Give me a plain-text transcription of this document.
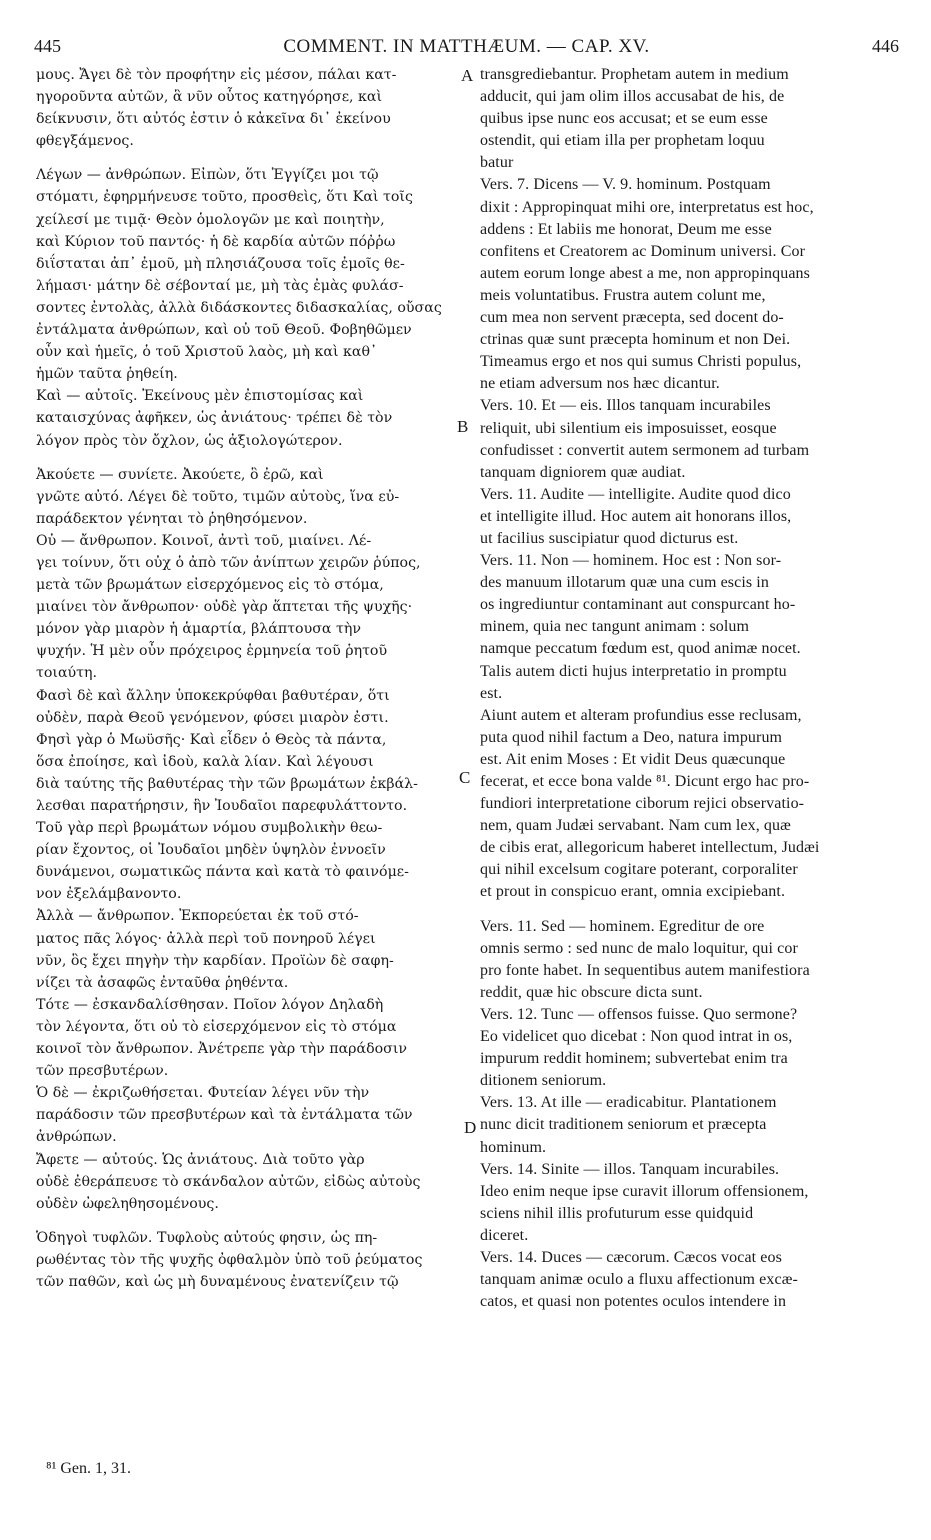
445	COMMENT. IN MATTHÆUM. — CAP. XV.	446
μους. Ἄγει δὲ τὸν προφήτην εἰς μέσον, πάλαι κατ-
ηγοροῦντα αὐτῶν, ἃ νῦν οὗτος κατηγόρησε, καὶ
δείκνυσιν, ὅτι αὐτός ἐστιν ὁ κἀκεῖνα δι᾽ ἐκείνου
φθεγξάμενος.
Λέγων — ἀνθρώπων. Εἰπὼν, ὅτι Ἐγγίζει μοι τῷ
στόματι, ἐφηρμήνευσε τοῦτο, προσθεὶς, ὅτι Καὶ τοῖς
χείλεσί με τιμᾷ· Θεὸν ὁμολογῶν με καὶ ποιητὴν,
καὶ Κύριον τοῦ παντός· ἡ δὲ καρδία αὐτῶν πόῤῥω
διΐσταται ἀπ᾽ ἐμοῦ, μὴ πλησιάζουσα τοῖς ἐμοῖς θε-
λήμασι· μάτην δὲ σέβονταί με, μὴ τὰς ἐμὰς φυλάσ-
σοντες ἐντολὰς, ἀλλὰ διδάσκοντες διδασκαλίας, οὔσας
ἐντάλματα ἀνθρώπων, καὶ οὐ τοῦ Θεοῦ. Φοβηθῶμεν
οὖν καὶ ἡμεῖς, ὁ τοῦ Χριστοῦ λαὸς, μὴ καὶ καθ᾽
ἡμῶν ταῦτα ῥηθείη.
Καὶ — αὐτοῖς. Ἐκείνους μὲν ἐπιστομίσας καὶ
καταισχύνας ἀφῆκεν, ὡς ἀνιάτους· τρέπει δὲ τὸν
λόγον πρὸς τὸν ὄχλον, ὡς ἀξιολογώτερον.
Ἀκούετε — συνίετε. Ἀκούετε, ὃ ἐρῶ, καὶ
γνῶτε αὐτό. Λέγει δὲ τοῦτο, τιμῶν αὐτοὺς, ἵνα εὐ-
παράδεκτον γένηται τὸ ῥηθησόμενον.
Οὐ — ἄνθρωπον. Κοινοῖ, ἀντὶ τοῦ, μιαίνει. Λέ-
γει τοίνυν, ὅτι οὐχ ὁ ἀπὸ τῶν ἀνίπτων χειρῶν ῥύπος,
μετὰ τῶν βρωμάτων εἰσερχόμενος εἰς τὸ στόμα,
μιαίνει τὸν ἄνθρωπον· οὐδὲ γὰρ ἅπτεται τῆς ψυχῆς·
μόνον γὰρ μιαρὸν ἡ ἁμαρτία, βλάπτουσα τὴν
ψυχήν. Ἡ μὲν οὖν πρόχειρος ἑρμηνεία τοῦ ῥητοῦ
τοιαύτη.
Φασὶ δὲ καὶ ἄλλην ὑποκεκρύφθαι βαθυτέραν, ὅτι
οὐδὲν, παρὰ Θεοῦ γενόμενον, φύσει μιαρὸν ἐστι.
Φησὶ γὰρ ὁ Μωϋσῆς· Καὶ εἶδεν ὁ Θεὸς τὰ πάντα,
ὅσα ἐποίησε, καὶ ἰδοὺ, καλὰ λίαν. Καὶ λέγουσι
διὰ ταύτης τῆς βαθυτέρας τὴν τῶν βρωμάτων ἐκβάλ-
λεσθαι παρατήρησιν, ἣν Ἰουδαῖοι παρεφυλάττοντο.
Τοῦ γὰρ περὶ βρωμάτων νόμου συμβολικὴν θεω-
ρίαν ἔχοντος, οἱ Ἰουδαῖοι μηδὲν ὑψηλὸν ἐννοεῖν
δυνάμενοι, σωματικῶς πάντα καὶ κατὰ τὸ φαινόμε-
νον ἐξελάμβανοντο.
Ἀλλὰ — ἄνθρωπον. Ἐκπορεύεται ἐκ τοῦ στό-
ματος πᾶς λόγος· ἀλλὰ περὶ τοῦ πονηροῦ λέγει
νῦν, ὃς ἔχει πηγὴν τὴν καρδίαν. Προϊὼν δὲ σαφη-
νίζει τὰ ἀσαφῶς ἐνταῦθα ῥηθέντα.
Τότε — ἐσκανδαλίσθησαν. Ποῖον λόγον Δηλαδὴ
τὸν λέγοντα, ὅτι οὐ τὸ εἰσερχόμενον εἰς τὸ στόμα
κοινοῖ τὸν ἄνθρωπον. Ἀνέτρεπε γὰρ τὴν παράδοσιν
τῶν πρεσβυτέρων.
Ὁ δὲ — ἐκριζωθήσεται. Φυτείαν λέγει νῦν τὴν
παράδοσιν τῶν πρεσβυτέρων καὶ τὰ ἐντάλματα τῶν
ἀνθρώπων.
Ἄφετε — αὐτούς. Ὡς ἀνιάτους. Διὰ τοῦτο γὰρ
οὐδὲ ἐθεράπευσε τὸ σκάνδαλον αὐτῶν, εἰδὼς αὐτοὺς
οὐδὲν ὠφεληθησομένους.
Ὁδηγοὶ τυφλῶν. Τυφλοὺς αὐτούς φησιν, ὡς πη-
ρωθέντας τὸν τῆς ψυχῆς ὀφθαλμὸν ὑπὸ τοῦ ῥεύματος
τῶν παθῶν, καὶ ὡς μὴ δυναμένους ἐνατενίζειν τῷ
transgrediebantur. Prophetam autem in medium
adducit, qui jam olim illos accusabat de his, de
quibus ipse nunc eos accusat; et se eum esse
ostendit, qui etiam illa per prophetam loquu
batur
Vers. 7. Dicens — V. 9. hominum. Postquam
dixit : Appropinquat mihi ore, interpretatus est hoc,
addens : Et labiis me honorat, Deum me esse
confitens et Creatorem ac Dominum universi. Cor
autem eorum longe abest a me, non appropinquans
meis voluntatibus. Frustra autem colunt me,
cum mea non servent præcepta, sed docent do-
ctrinas quæ sunt præcepta hominum et non Dei.
Timeamus ergo et nos qui sumus Christi populus,
ne etiam adversum nos hæc dicantur.
Vers. 10. Et — eis. Illos tanquam incurabiles
reliquit, ubi silentium eis imposuisset, eosque
confudisset : convertit autem sermonem ad turbam
tanquam digniorem quæ audiat.
Vers. 11. Audite — intelligite. Audite quod dico
et intelligite illud. Hoc autem ait honorans illos,
ut facilius suscipiatur quod dicturus est.
Vers. 11. Non — hominem. Hoc est : Non sor-
des manuum illotarum quæ una cum escis in
os ingrediuntur contaminant aut conspurcant ho-
minem, quia nec tangunt animam : solum
namque peccatum fœdum est, quod animæ nocet.
Talis autem dicti hujus interpretatio in promptu
est.
Aiunt autem et alteram profundius esse reclusam,
puta quod nihil factum a Deo, natura impurum
est. Ait enim Moses : Et vidit Deus quæcunque
fecerat, et ecce bona valde ⁸¹. Dicunt ergo hac pro-
fundiori interpretatione ciborum rejici observatio-
nem, quam Judæi servabant. Nam cum lex, quæ
de cibis erat, allegoricum haberet intellectum, Judæi
qui nihil excelsum cogitare poterant, corporaliter
et prout in conspicuo erant, omnia excipiebant.
Vers. 11. Sed — hominem. Egreditur de ore
omnis sermo : sed nunc de malo loquitur, qui cor
pro fonte habet. In sequentibus autem manifestiora
reddit, quæ hic obscure dicta sunt.
Vers. 12. Tunc — offensos fuisse. Quo sermone?
Eo videlicet quo dicebat : Non quod intrat in os,
impurum reddit hominem; subvertebat enim tra
ditionem seniorum.
Vers. 13. At ille — eradicabitur. Plantationem
nunc dicit traditionem seniorum et præcepta
hominum.
Vers. 14. Sinite — illos. Tanquam incurabiles.
Ideo enim neque ipse curavit illorum offensionem,
sciens nihil illis profuturum esse quidquid
diceret.
Vers. 14. Duces — cæcorum. Cæcos vocat eos
tanquam animæ oculo a fluxu affectionum excæ-
catos, et quasi non potentes oculos intendere in
A
B
C
D
⁸¹ Gen. 1, 31.
